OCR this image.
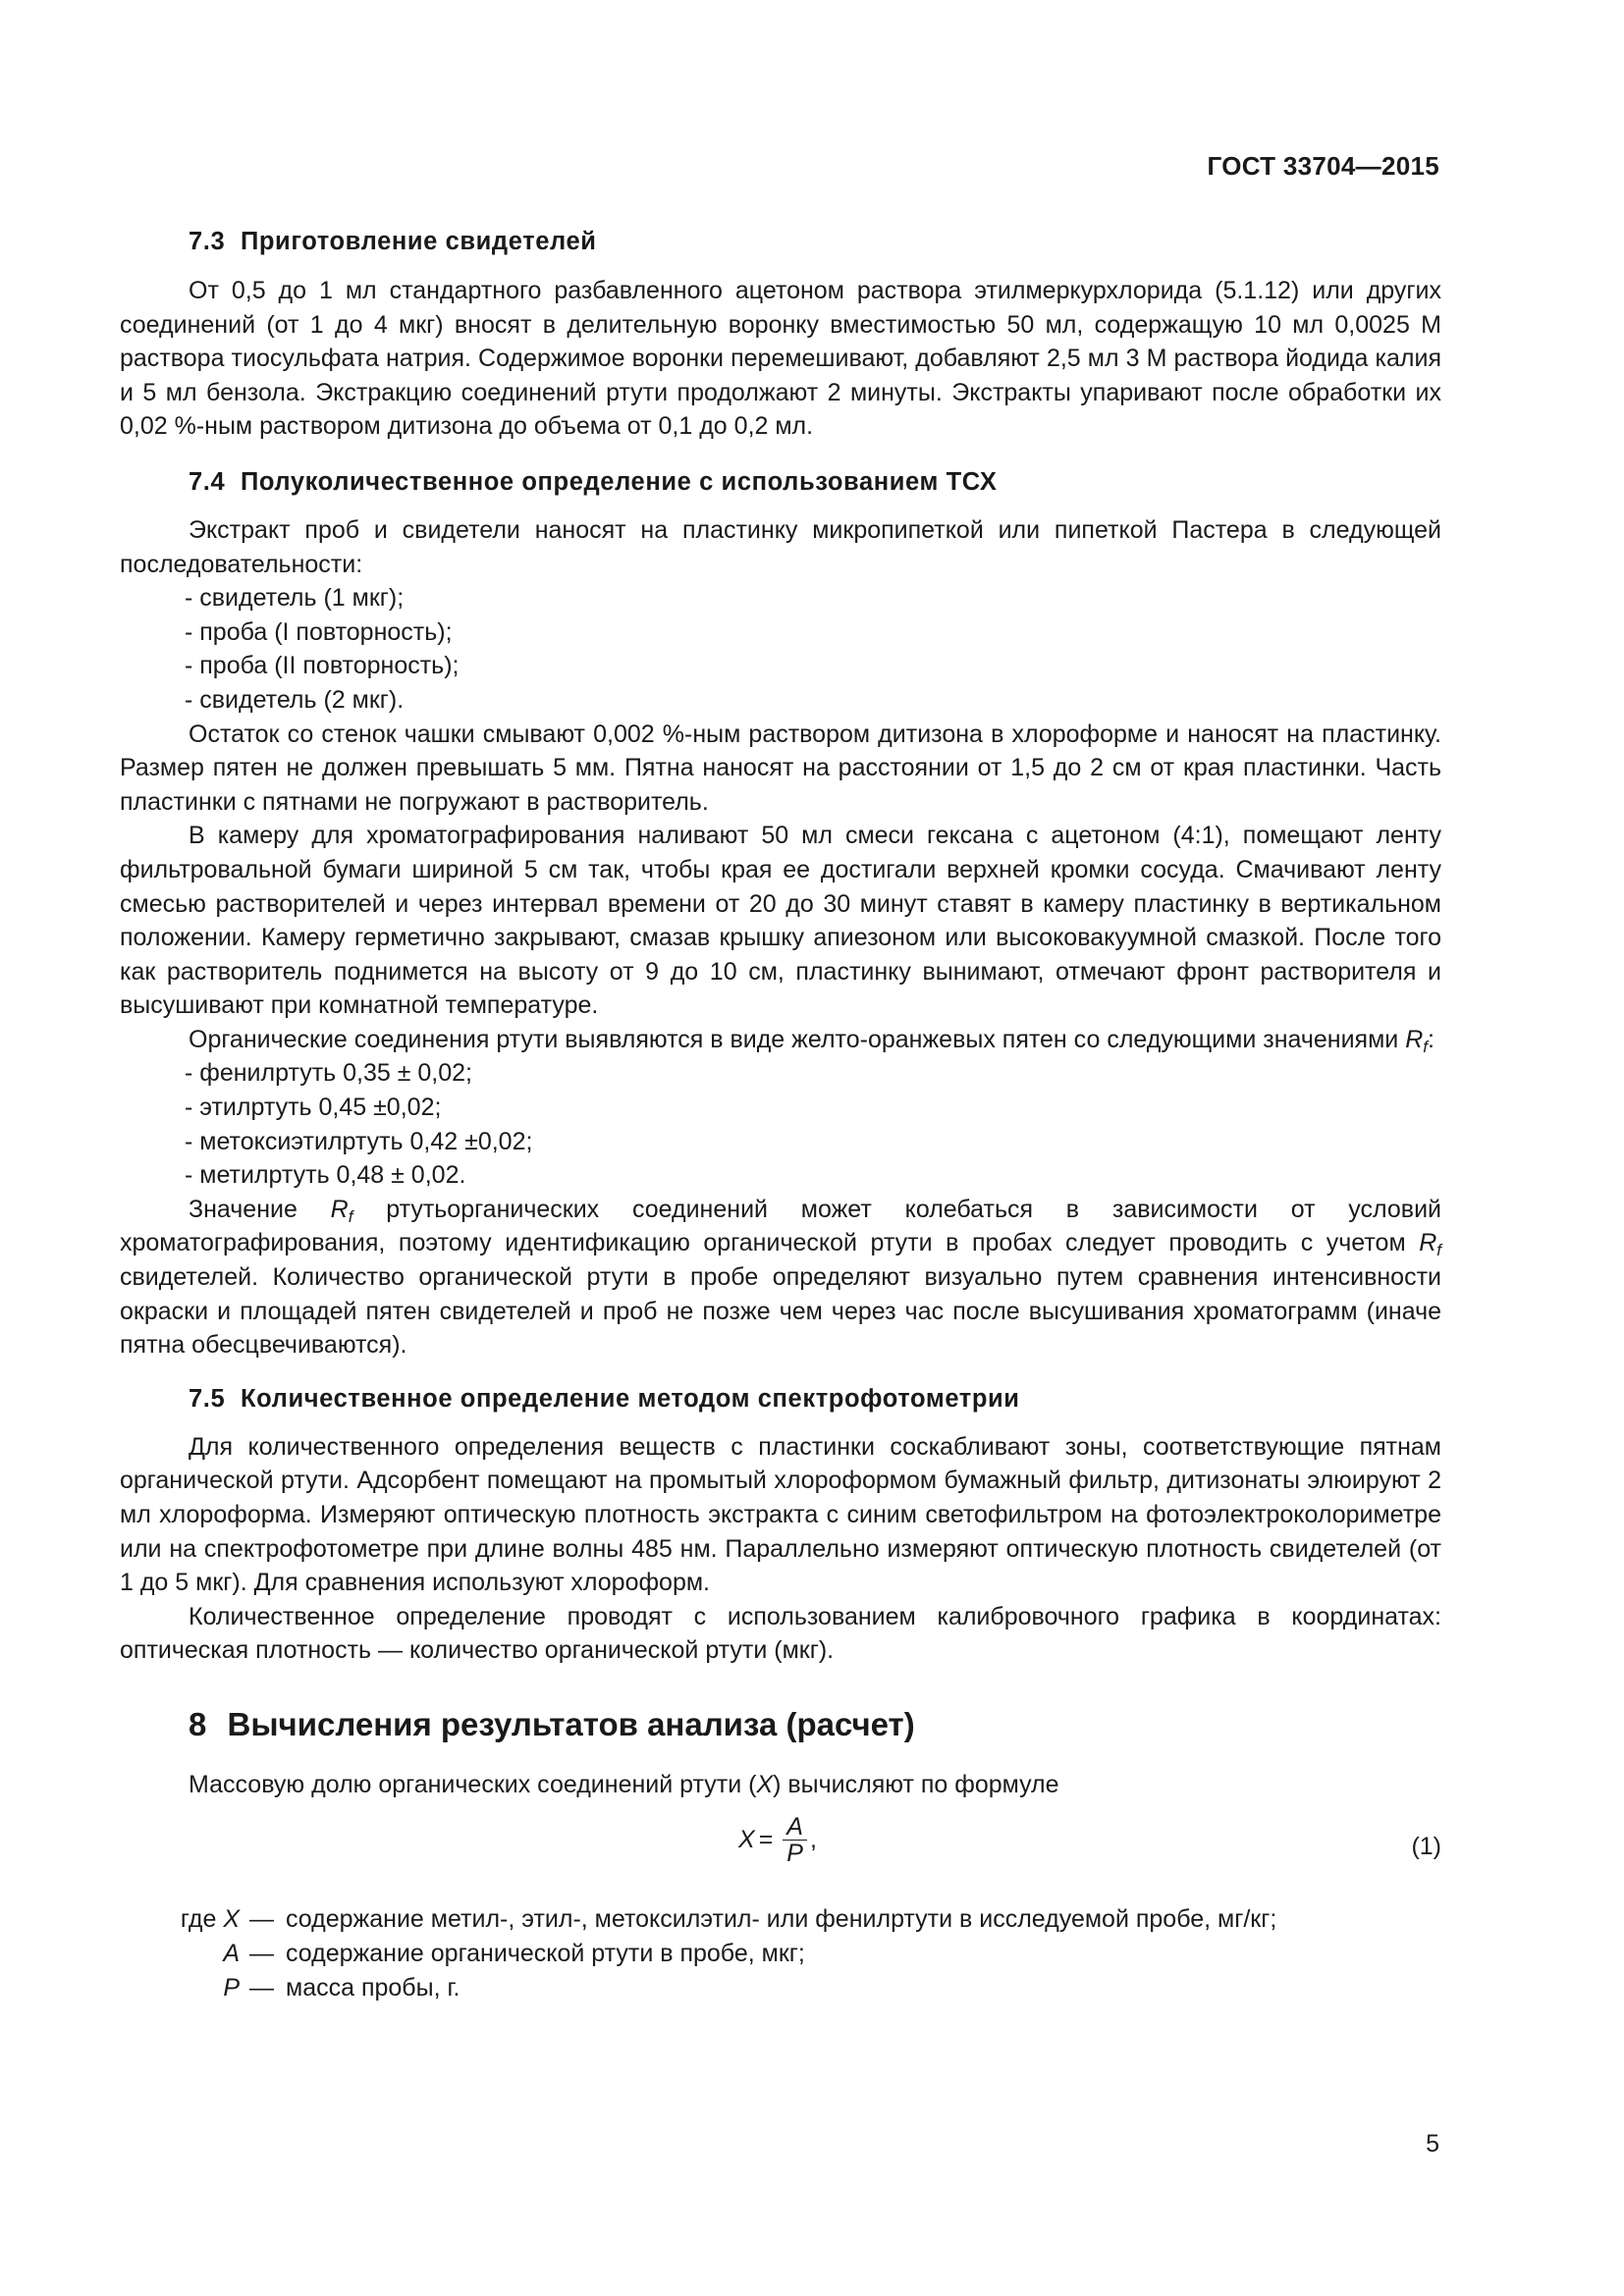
ГОСТ 33704—2015
7.3 Приготовление свидетелей

От 0,5 до 1 мл стандартного разбавленного ацетоном раствора этилмеркурхлорида (5.1.12) или других соединений (от 1 до 4 мкг) вносят в делительную воронку вместимостью 50 мл, содержащую 10 мл 0,0025 М раствора тиосульфата натрия. Содержимое воронки перемешивают, добавляют 2,5 мл 3 М раствора йодида калия и 5 мл бензола. Экстракцию соединений ртути продолжают 2 минуты. Экстракты упаривают после обработки их 0,02 %-ным раствором дитизона до объема от 0,1 до 0,2 мл.

7.4 Полуколичественное определение с использованием ТСХ

Экстракт проб и свидетели наносят на пластинку микропипеткой или пипеткой Пастера в следующей последовательности:

- свидетель (1 мкг);

- проба (I повторность);

- проба (II повторность);

- свидетель (2 мкг).

Остаток со стенок чашки смывают 0,002 %-ным раствором дитизона в хлороформе и наносят на пластинку. Размер пятен не должен превышать 5 мм. Пятна наносят на расстоянии от 1,5 до 2 см от края пластинки. Часть пластинки с пятнами не погружают в растворитель.

В камеру для хроматографирования наливают 50 мл смеси гексана с ацетоном (4:1), помещают ленту фильтровальной бумаги шириной 5 см так, чтобы края ее достигали верхней кромки сосуда. Смачивают ленту смесью растворителей и через интервал времени от 20 до 30 минут ставят в камеру пластинку в вертикальном положении. Камеру герметично закрывают, смазав крышку апиезоном или высоковакуумной смазкой. После того как растворитель поднимется на высоту от 9 до 10 см, пластинку вынимают, отмечают фронт растворителя и высушивают при комнатной температуре.

Органические соединения ртути выявляются в виде желто-оранжевых пятен со следующими значениями $R_f$:

- фенилртуть 0,35 ± 0,02;

- этилртуть 0,45 ±0,02;

- метоксиэтилртуть 0,42 ±0,02;

- метилртуть 0,48 ± 0,02.

Значение $R_f$ ртутьорганических соединений может колебаться в зависимости от условий хроматографирования, поэтому идентификацию органической ртути в пробах следует проводить с учетом $R_f$ свидетелей. Количество органической ртути в пробе определяют визуально путем сравнения интенсивности окраски и площадей пятен свидетелей и проб не позже чем через час после высушивания хроматограмм (иначе пятна обесцвечиваются).

7.5 Количественное определение методом спектрофотометрии

Для количественного определения веществ с пластинки соскабливают зоны, соответствующие пятнам органической ртути. Адсорбент помещают на промытый хлороформом бумажный фильтр, дитизонаты элюируют 2 мл хлороформа. Измеряют оптическую плотность экстракта с синим светофильтром на фотоэлектроколориметре или на спектрофотометре при длине волны 485 нм. Параллельно измеряют оптическую плотность свидетелей (от 1 до 5 мкг). Для сравнения используют хлороформ.

Количественное определение проводят с использованием калибровочного графика в координатах: оптическая плотность — количество органической ртути (мкг).

8 Вычисления результатов анализа (расчет)

Массовую долю органических соединений ртути (X) вычисляют по формуле

$X = \frac{A}{P}$ ,	(1)
где X — содержание метил-, этил-, метоксилэтил- или фенилртути в исследуемой пробе, мг/кг;
A — содержание органической ртути в пробе, мкг;
P — масса пробы, г.
5
